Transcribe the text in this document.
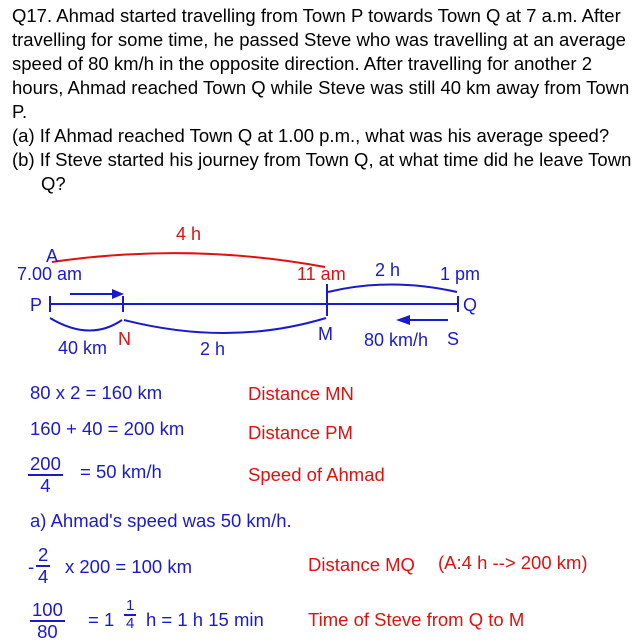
Q17. Ahmad started travelling from Town P towards Town Q at 7 a.m. After travelling for some time, he passed Steve who was travelling at an average speed of 80 km/h in the opposite direction. After travelling for another 2 hours, Ahmad reached Town Q while Steve was still 40 km away from Town P.

(a) If Ahmad reached Town Q at 1.00 p.m., what was his average speed?

(b) If Steve started his journey from Town Q, at what time did he leave Town Q?

A
7.00 am
4 h
11 am 2 h 1 pm
P	Q
N
40 km	2 h
M 80 km/h S
80 x 2 = 160 km	Distance MN
160 + 40 = 200 km	Distance PM
$\frac{200}{4} = 50$ km/h	Speed of Ahmad
a) Ahmad's speed was 50 km/h.
- $\frac{2}{4}$ x 200 = 100 km	Distance MQ (A:4 h --> 200 km)
$\frac{100}{80} = 1 \frac{1}{4}$ h = 1 h 15 min Time of Steve from Q to M
